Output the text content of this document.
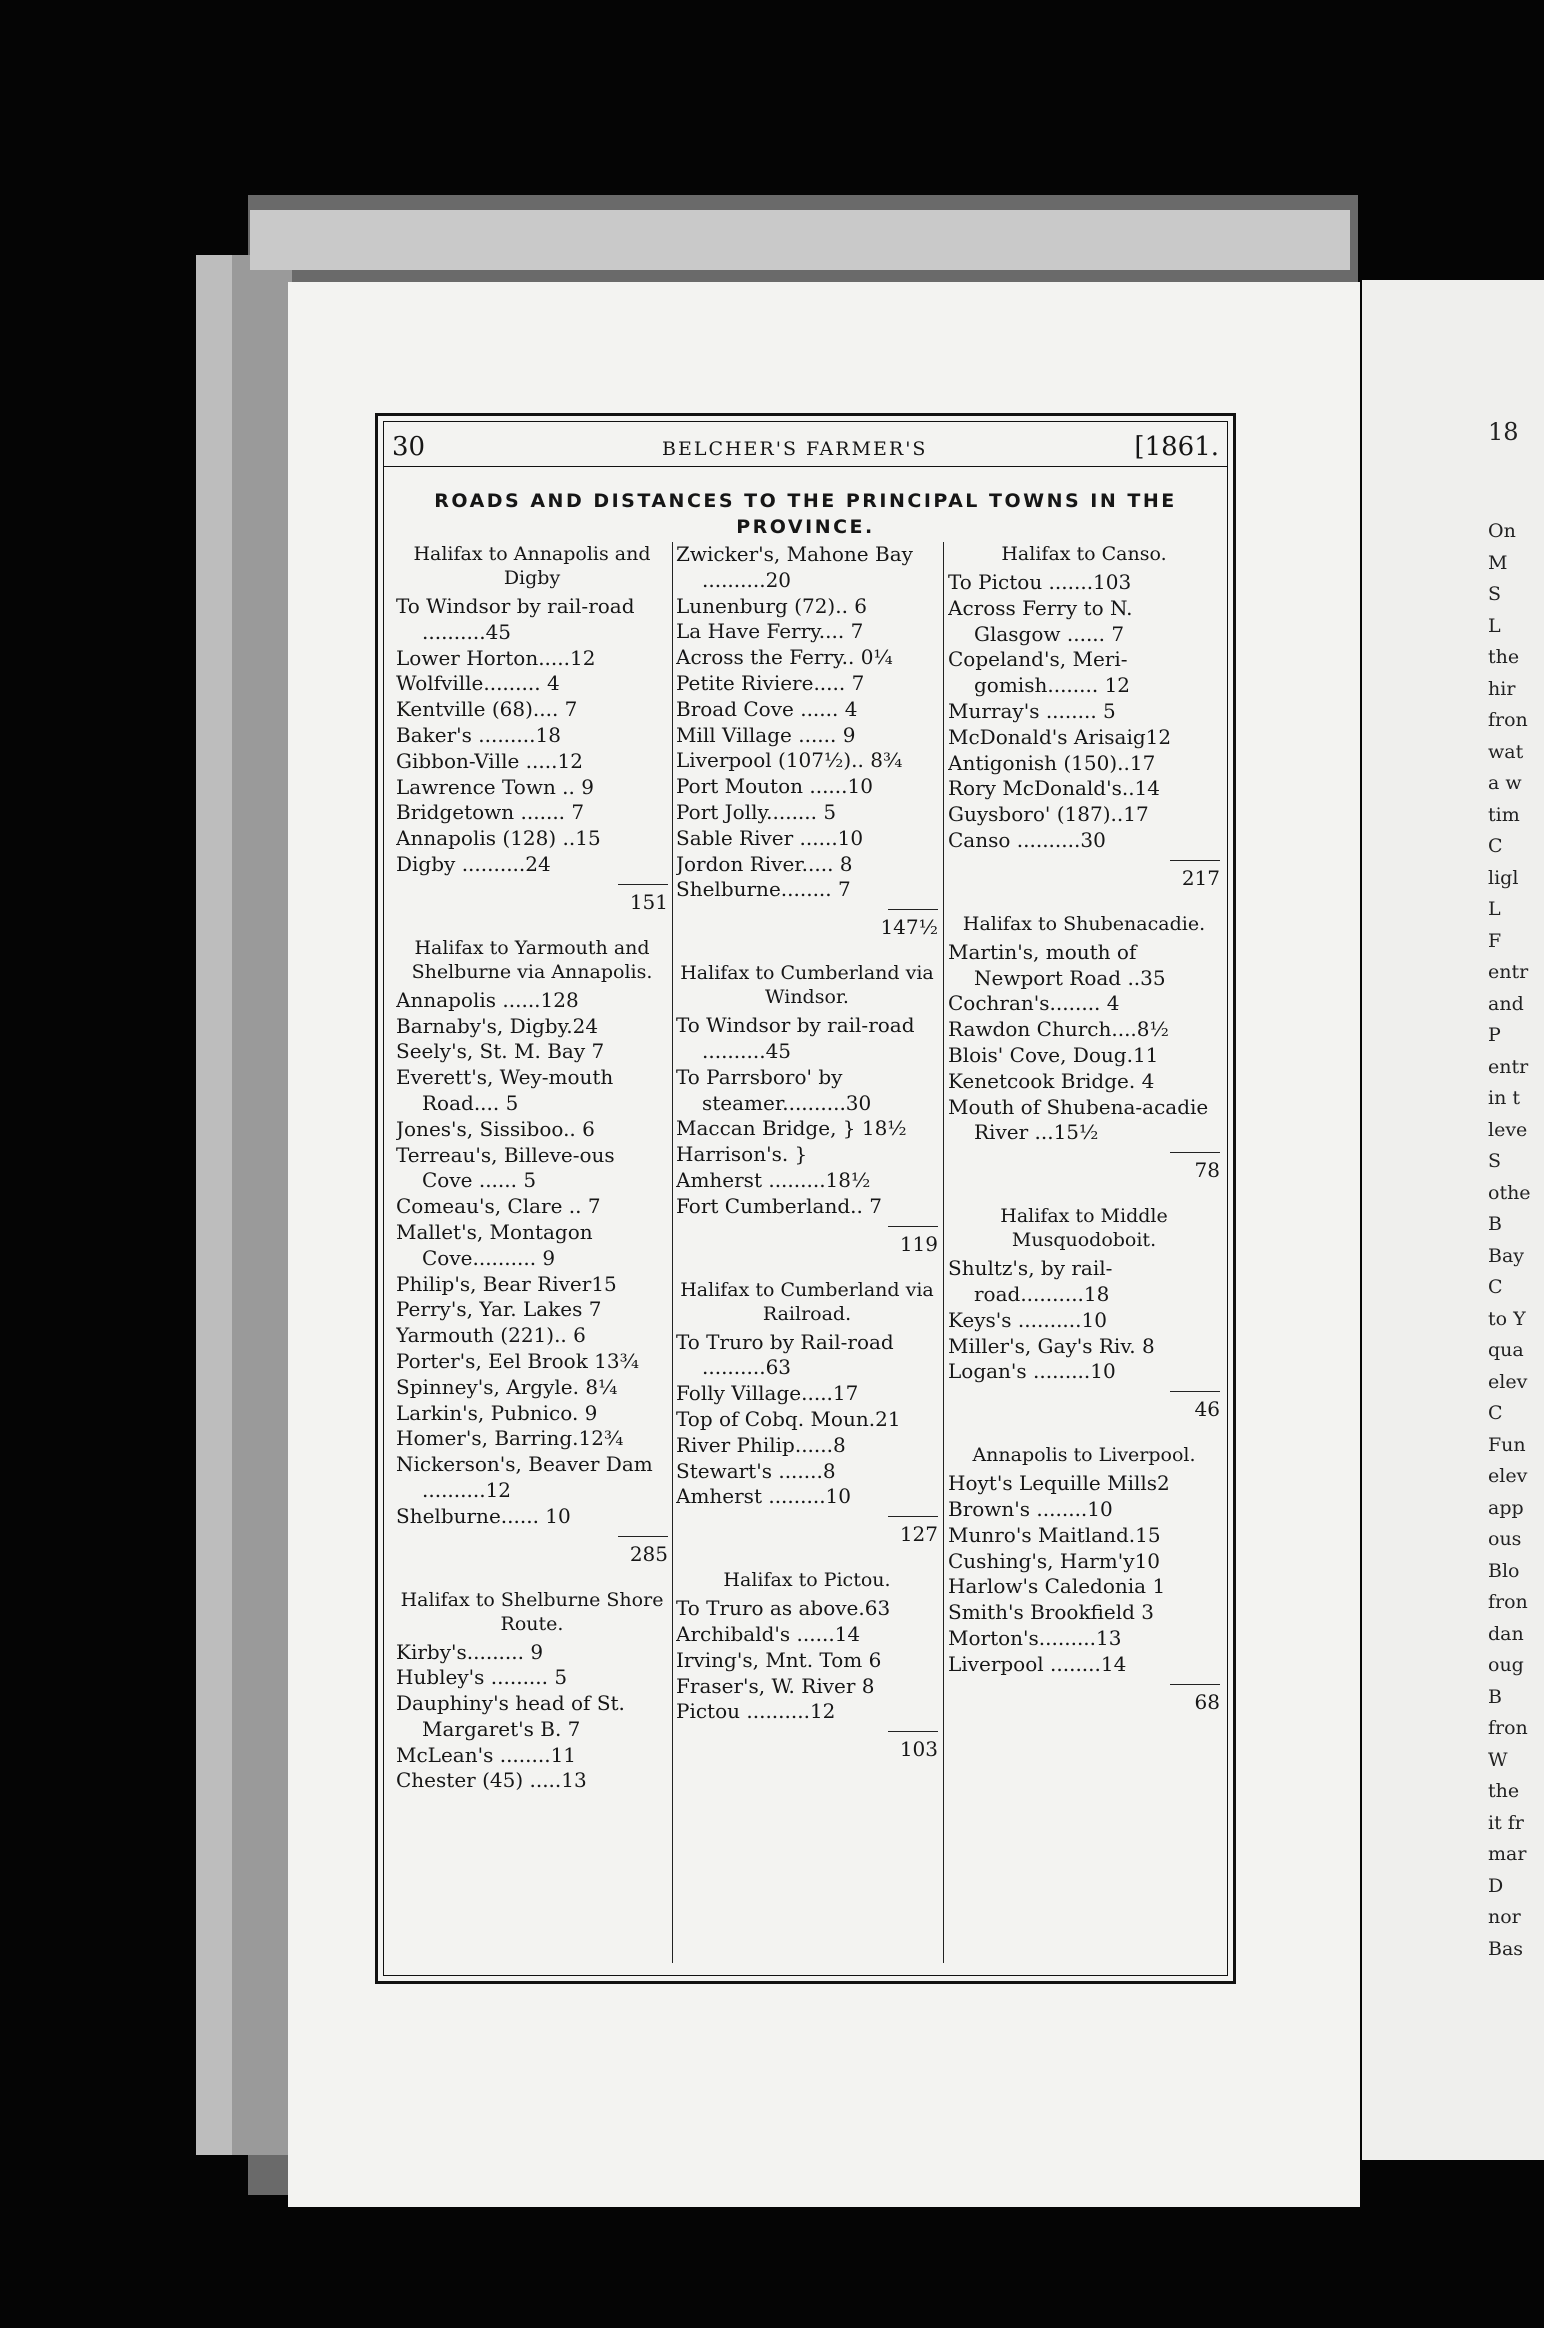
18
On
M
S
L
the
hir
fron
wat
a w
tim
C
ligl
L
F
entr
and
P
entr
in t
leve
S
othe
B
Bay
C
to Y
qua
elev
C
Fun
elev
app
ous
Blo
fron
dan
oug
B
fron
W
the
it fr
mar
D
nor
Bas
30	BELCHER'S FARMER'S	[1861.
ROADS AND DISTANCES TO THE PRINCIPAL TOWNS IN THE PROVINCE.
Halifax to Annapolis and Digby
To Windsor by rail-road ..........45
Lower Horton.....12
Wolfville......... 4
Kentville (68).... 7
Baker's .........18
Gibbon-Ville .....12
Lawrence Town .. 9
Bridgetown ....... 7
Annapolis (128) ..15
Digby ..........24
151
Halifax to Yarmouth and Shelburne via Annapolis.
Annapolis ......128
Barnaby's, Digby.24
Seely's, St. M. Bay 7
Everett's, Wey-mouth Road.... 5
Jones's, Sissiboo.. 6
Terreau's, Billeve-ous Cove ...... 5
Comeau's, Clare .. 7
Mallet's, Montagon Cove.......... 9
Philip's, Bear River15
Perry's, Yar. Lakes 7
Yarmouth (221).. 6
Porter's, Eel Brook 13¾
Spinney's, Argyle. 8¼
Larkin's, Pubnico. 9
Homer's, Barring.12¾
Nickerson's, Beaver Dam ..........12
Shelburne...... 10
285
Halifax to Shelburne Shore Route.
Kirby's......... 9
Hubley's ......... 5
Dauphiny's head of St. Margaret's B. 7
McLean's ........11
Chester (45) .....13
Zwicker's, Mahone Bay ..........20
Lunenburg (72).. 6
La Have Ferry.... 7
Across the Ferry.. 0¼
Petite Riviere..... 7
Broad Cove ...... 4
Mill Village ...... 9
Liverpool (107½).. 8¾
Port Mouton ......10
Port Jolly........ 5
Sable River ......10
Jordon River..... 8
Shelburne........ 7
147½
Halifax to Cumberland via Windsor.
To Windsor by rail-road ..........45
To Parrsboro' by steamer..........30
Maccan Bridge, } 18½
Harrison's. }
Amherst .........18½
Fort Cumberland.. 7
119
Halifax to Cumberland via Railroad.
To Truro by Rail-road ..........63
Folly Village.....17
Top of Cobq. Moun.21
River Philip......8
Stewart's .......8
Amherst .........10
127
Halifax to Pictou.
To Truro as above.63
Archibald's ......14
Irving's, Mnt. Tom 6
Fraser's, W. River 8
Pictou ..........12
103
Halifax to Canso.
To Pictou .......103
Across Ferry to N. Glasgow ...... 7
Copeland's, Meri-gomish........ 12
Murray's ........ 5
McDonald's Arisaig12
Antigonish (150)..17
Rory McDonald's..14
Guysboro' (187)..17
Canso ..........30
217
Halifax to Shubenacadie.
Martin's, mouth of Newport Road ..35
Cochran's........ 4
Rawdon Church....8½
Blois' Cove, Doug.11
Kenetcook Bridge. 4
Mouth of Shubena-acadie River ...15½
78
Halifax to Middle Musquodoboit.
Shultz's, by rail-road..........18
Keys's ..........10
Miller's, Gay's Riv. 8
Logan's .........10
46
Annapolis to Liverpool.
Hoyt's Lequille Mills2
Brown's ........10
Munro's Maitland.15
Cushing's, Harm'y10
Harlow's Caledonia 1
Smith's Brookfield 3
Morton's.........13
Liverpool ........14
68
